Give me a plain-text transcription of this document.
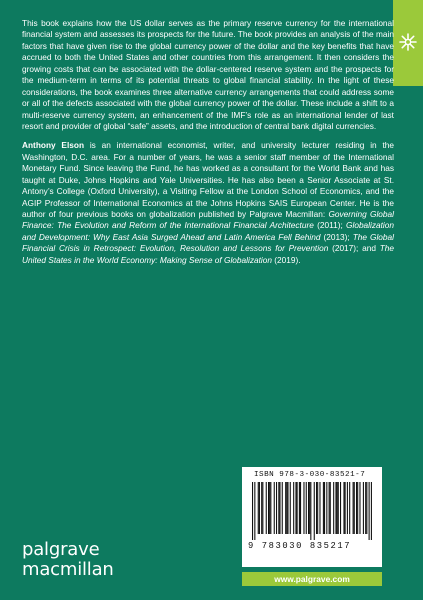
This book explains how the US dollar serves as the primary reserve currency for the international financial system and assesses its prospects for the future. The book provides an analysis of the main factors that have given rise to the global currency power of the dollar and the key benefits that have accrued to both the United States and other countries from this arrangement. It then considers the growing costs that can be associated with the dollar-centered reserve system and the prospects for the medium-term in terms of its potential threats to global financial stability. In the light of these considerations, the book examines three alternative currency arrangements that could address some or all of the defects associated with the global currency power of the dollar. These include a shift to a multi-reserve currency system, an enhancement of the IMF’s role as an international lender of last resort and provider of global “safe” assets, and the introduction of central bank digital currencies.

Anthony Elson is an international economist, writer, and university lecturer residing in the Washington, D.C. area. For a number of years, he was a senior staff member of the International Monetary Fund. Since leaving the Fund, he has worked as a consultant for the World Bank and has taught at Duke, Johns Hopkins and Yale Universities. He has also been a Senior Associate at St. Antony’s College (Oxford University), a Visiting Fellow at the London School of Economics, and the AGIP Professor of International Economics at the Johns Hopkins SAIS European Center. He is the author of four previous books on globalization published by Palgrave Macmillan: Governing Global Finance: The Evolution and Reform of the International Financial Architecture (2011); Globalization and Development: Why East Asia Surged Ahead and Latin America Fell Behind (2013); The Global Financial Crisis in Retrospect: Evolution, Resolution and Lessons for Prevention (2017); and The United States in the World Economy: Making Sense of Globalization (2019).

ISBN 978-3-030-83521-7
9 783030 835217
palgrave
macmillan	www.palgrave.com
